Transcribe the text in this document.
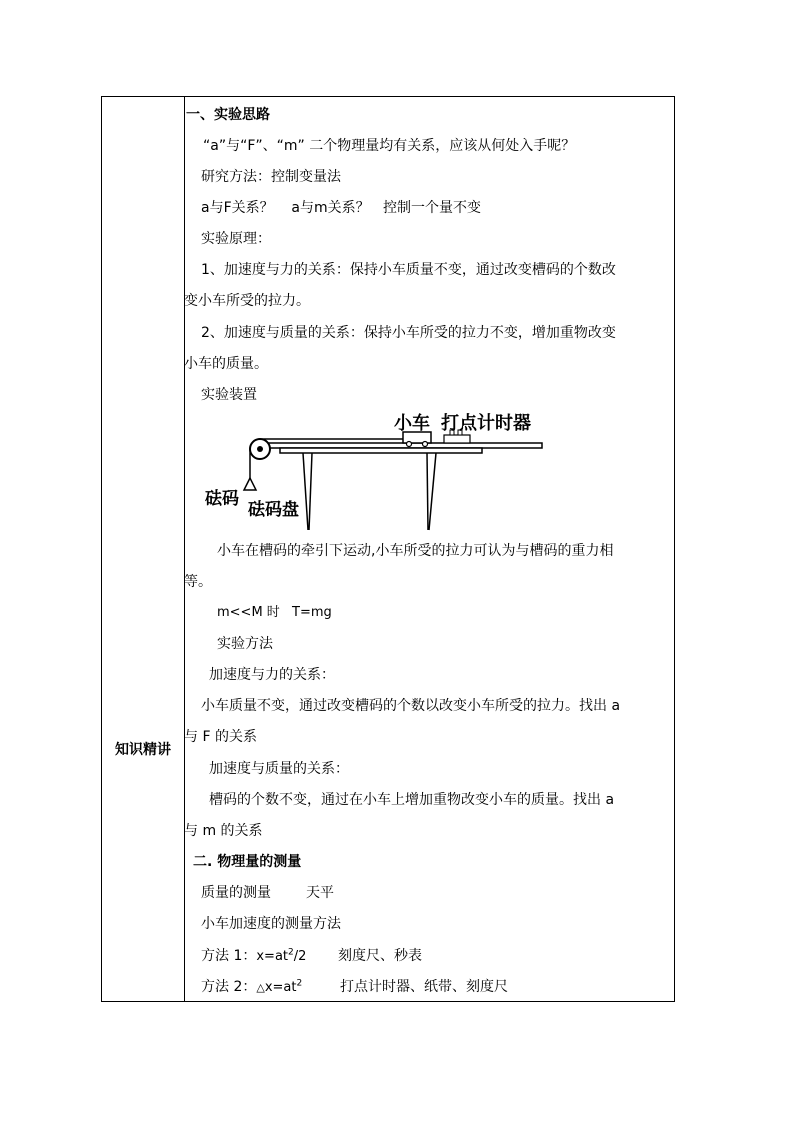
知识精讲
一、实验思路
“a”与“F”、“m” 二个物理量均有关系，应该从何处入手呢？
研究方法：控制变量法
a与F关系？    a与m关系？   控制一个量不变
实验原理：
1、加速度与力的关系：保持小车质量不变，通过改变槽码的个数改
变小车所受的拉力。
2、加速度与质量的关系：保持小车所受的拉力不变，增加重物改变
小车的质量。
实验装置
小车 打点计时器
砝码
砝码盘
小车在槽码的牵引下运动,小车所受的拉力可认为与槽码的重力相
等。
m<<M 时 T=mg
实验方法
加速度与力的关系：
小车质量不变，通过改变槽码的个数以改变小车所受的拉力。找出 a
与 F 的关系
加速度与质量的关系：
槽码的个数不变，通过在小车上增加重物改变小车的质量。找出 a
与 m 的关系
二. 物理量的测量
质量的测量	天平
小车加速度的测量方法
方法 1：$x=at^2/2$ 刻度尺、秒表
方法 2：$\triangle x=at^2$	打点计时器、纸带、刻度尺
